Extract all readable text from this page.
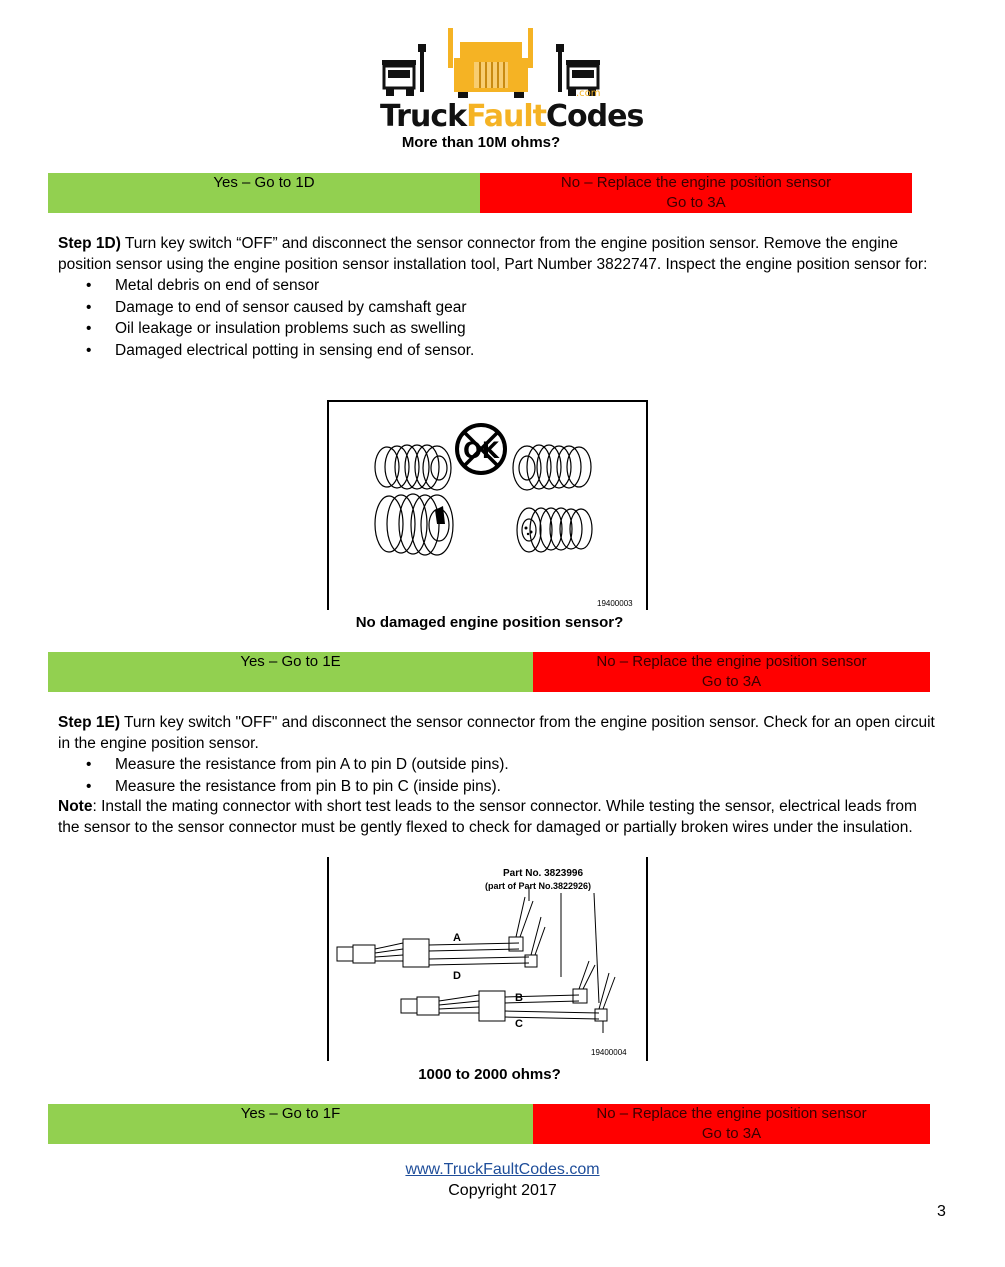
TruckFaultCodes
.com
More than 10M ohms?
Yes – Go to 1D	No – Replace the engine position sensor
Go to 3A
Step 1D) Turn key switch “OFF” and disconnect the sensor connector from the engine position sensor. Remove the engine position sensor using the engine position sensor installation tool, Part Number 3822747. Inspect the engine position sensor for:
• Metal debris on end of sensor
• Damage to end of sensor caused by camshaft gear
• Oil leakage or insulation problems such as swelling
• Damaged electrical potting in sensing end of sensor.
OK
19400003
No damaged engine position sensor?
Yes – Go to 1E	No – Replace the engine position sensor
Go to 3A
Step 1E) Turn key switch "OFF" and disconnect the sensor connector from the engine position sensor. Check for an open circuit in the engine position sensor.
• Measure the resistance from pin A to pin D (outside pins).
• Measure the resistance from pin B to pin C (inside pins).
Note: Install the mating connector with short test leads to the sensor connector. While testing the sensor, electrical leads from the sensor to the sensor connector must be gently flexed to check for damaged or partially broken wires under the insulation.
Part No. 3823996
(part of Part No.3822926)
A
D
B
C
19400004
1000 to 2000 ohms?
Yes – Go to 1F	No – Replace the engine position sensor
Go to 3A
www.TruckFaultCodes.com
Copyright 2017
3
